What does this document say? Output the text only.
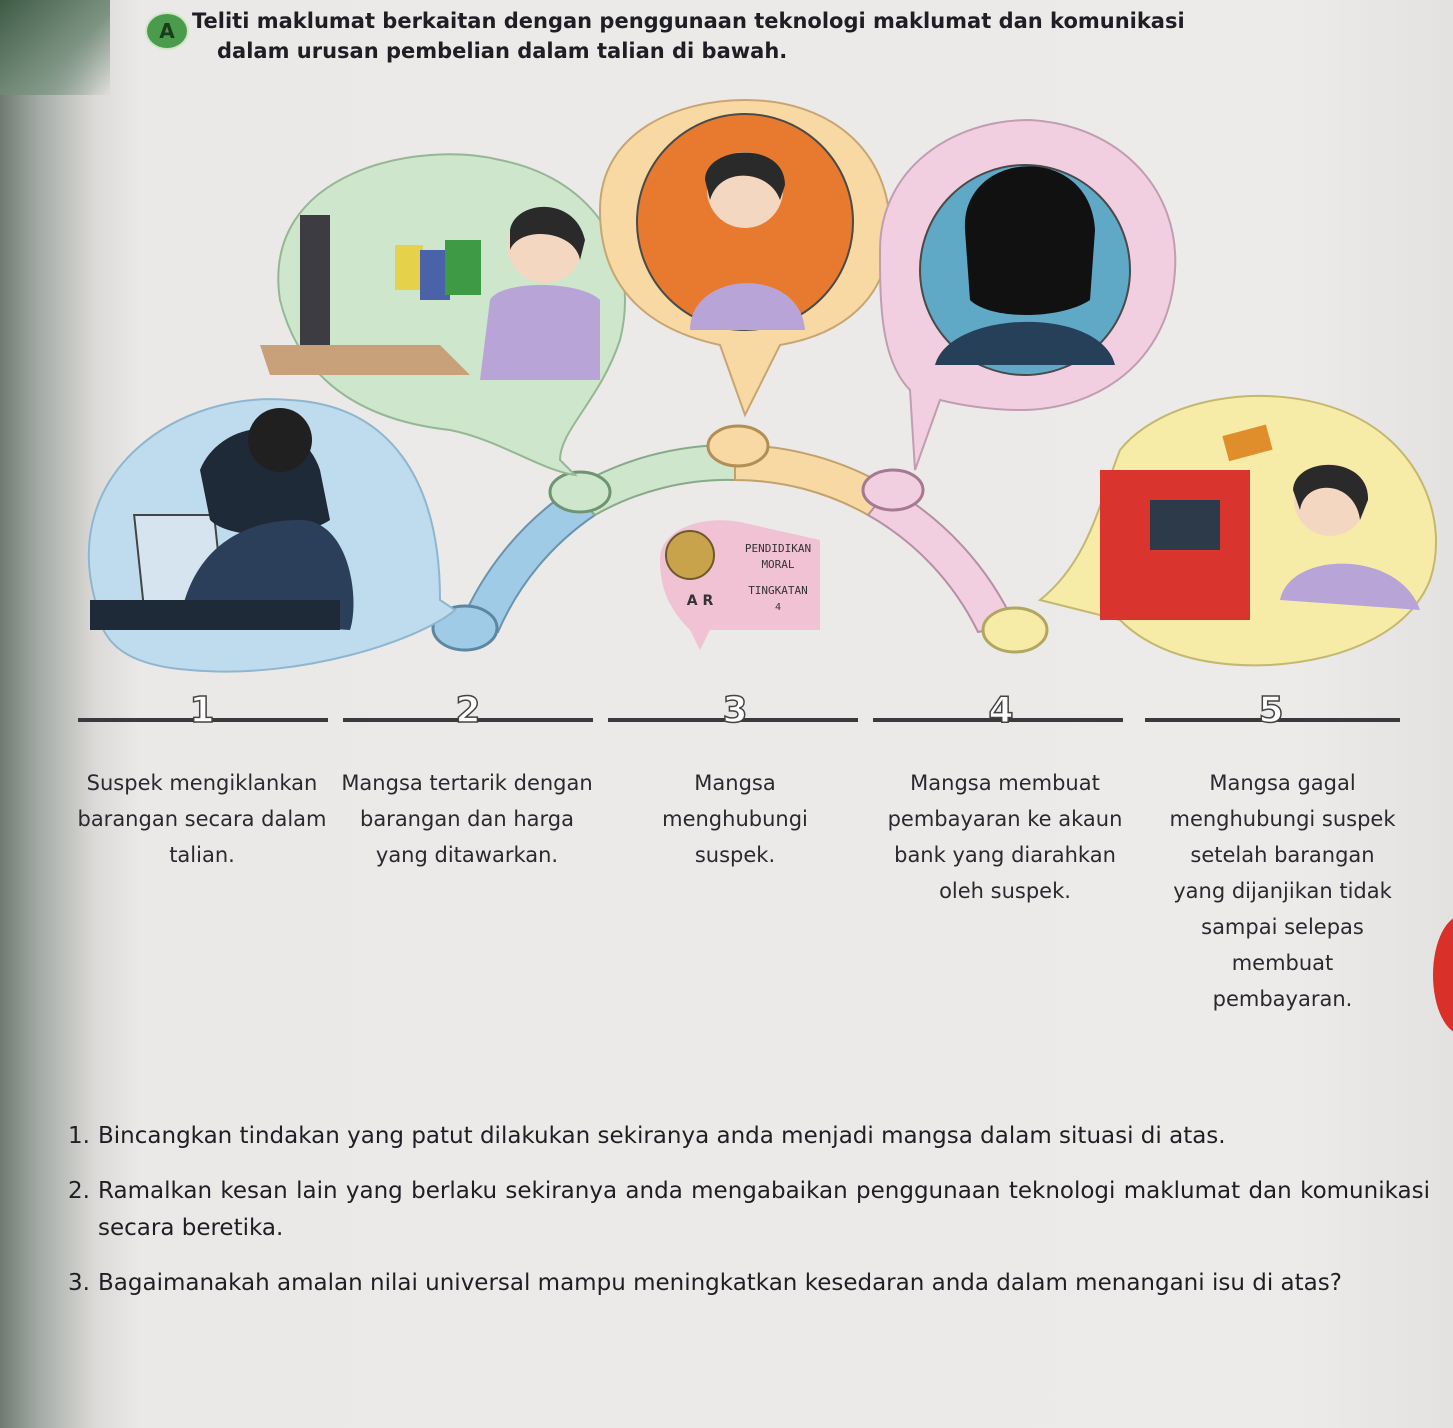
A Teliti maklumat berkaitan dengan penggunaan teknologi maklumat dan komunikasi
dalam urusan pembelian dalam talian di bawah.
PENDIDIKAN
MORAL
TINGKATAN
4
A R
1	2	3	4	5
Suspek mengiklankan barangan secara dalam talian.
Mangsa tertarik dengan barangan dan harga yang ditawarkan.
Mangsa menghubungi suspek.
Mangsa membuat pembayaran ke akaun bank yang diarahkan oleh suspek.
Mangsa gagal menghubungi suspek setelah barangan yang dijanjikan tidak sampai selepas membuat pembayaran.
1. Bincangkan tindakan yang patut dilakukan sekiranya anda menjadi mangsa dalam situasi di atas.
2. Ramalkan kesan lain yang berlaku sekiranya anda mengabaikan penggunaan teknologi maklumat dan komunikasi secara beretika.
3. Bagaimanakah amalan nilai universal mampu meningkatkan kesedaran anda dalam menangani isu di atas?
